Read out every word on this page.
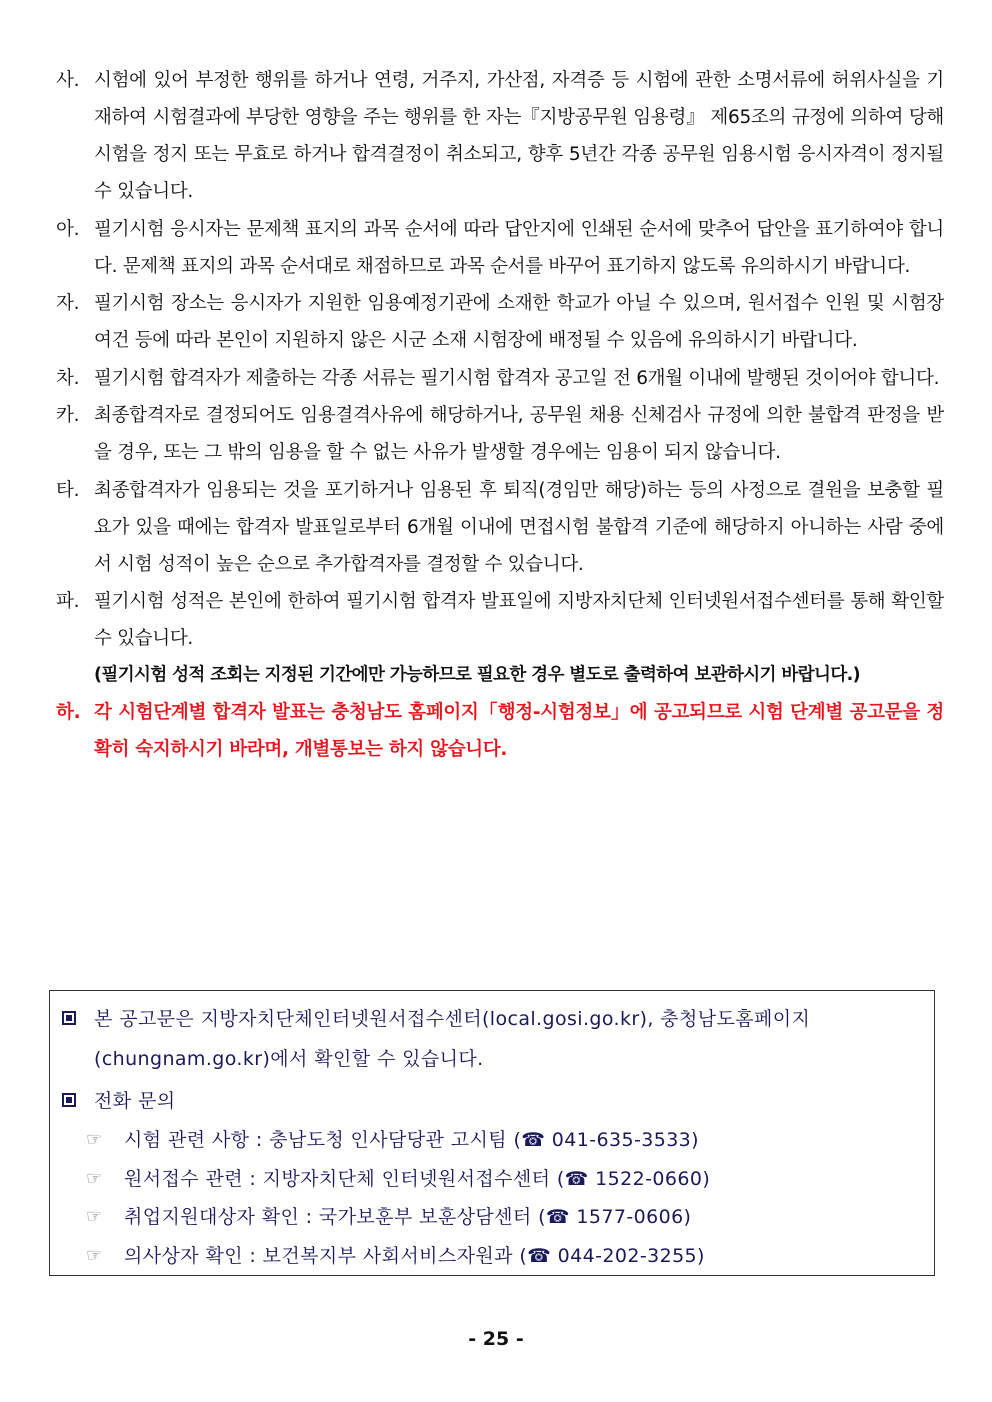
사. 시험에 있어 부정한 행위를 하거나 연령, 거주지, 가산점, 자격증 등 시험에 관한 소명서류에 허위사실을 기재하여 시험결과에 부당한 영향을 주는 행위를 한 자는『지방공무원 임용령』 제65조의 규정에 의하여 당해 시험을 정지 또는 무효로 하거나 합격결정이 취소되고, 향후 5년간 각종 공무원 임용시험 응시자격이 정지될 수 있습니다.
아. 필기시험 응시자는 문제책 표지의 과목 순서에 따라 답안지에 인쇄된 순서에 맞추어 답안을 표기하여야 합니다. 문제책 표지의 과목 순서대로 채점하므로 과목 순서를 바꾸어 표기하지 않도록 유의하시기 바랍니다.
자. 필기시험 장소는 응시자가 지원한 임용예정기관에 소재한 학교가 아닐 수 있으며, 원서접수 인원 및 시험장 여건 등에 따라 본인이 지원하지 않은 시군 소재 시험장에 배정될 수 있음에 유의하시기 바랍니다.
차. 필기시험 합격자가 제출하는 각종 서류는 필기시험 합격자 공고일 전 6개월 이내에 발행된 것이어야 합니다.
카. 최종합격자로 결정되어도 임용결격사유에 해당하거나, 공무원 채용 신체검사 규정에 의한 불합격 판정을 받을 경우, 또는 그 밖의 임용을 할 수 없는 사유가 발생할 경우에는 임용이 되지 않습니다.
타. 최종합격자가 임용되는 것을 포기하거나 임용된 후 퇴직(경임만 해당)하는 등의 사정으로 결원을 보충할 필요가 있을 때에는 합격자 발표일로부터 6개월 이내에 면접시험 불합격 기준에 해당하지 아니하는 사람 중에서 시험 성적이 높은 순으로 추가합격자를 결정할 수 있습니다.
파. 필기시험 성적은 본인에 한하여 필기시험 합격자 발표일에 지방자치단체 인터넷원서접수센터를 통해 확인할 수 있습니다.
(필기시험 성적 조회는 지정된 기간에만 가능하므로 필요한 경우 별도로 출력하여 보관하시기 바랍니다.)
하. 각 시험단계별 합격자 발표는 충청남도 홈페이지「행정-시험정보」에 공고되므로 시험 단계별 공고문을 정확히 숙지하시기 바라며, 개별통보는 하지 않습니다.
본 공고문은 지방자치단체인터넷원서접수센터(local.gosi.go.kr), 충청남도홈페이지(chungnam.go.kr)에서 확인할 수 있습니다.
전화 문의
☞ 시험 관련 사항 : 충남도청 인사담당관 고시팀 (☎ 041-635-3533)
☞ 원서접수 관련 : 지방자치단체 인터넷원서접수센터 (☎ 1522-0660)
☞ 취업지원대상자 확인 : 국가보훈부 보훈상담센터 (☎ 1577-0606)
☞ 의사상자 확인 : 보건복지부 사회서비스자원과 (☎ 044-202-3255)
- 25 -
